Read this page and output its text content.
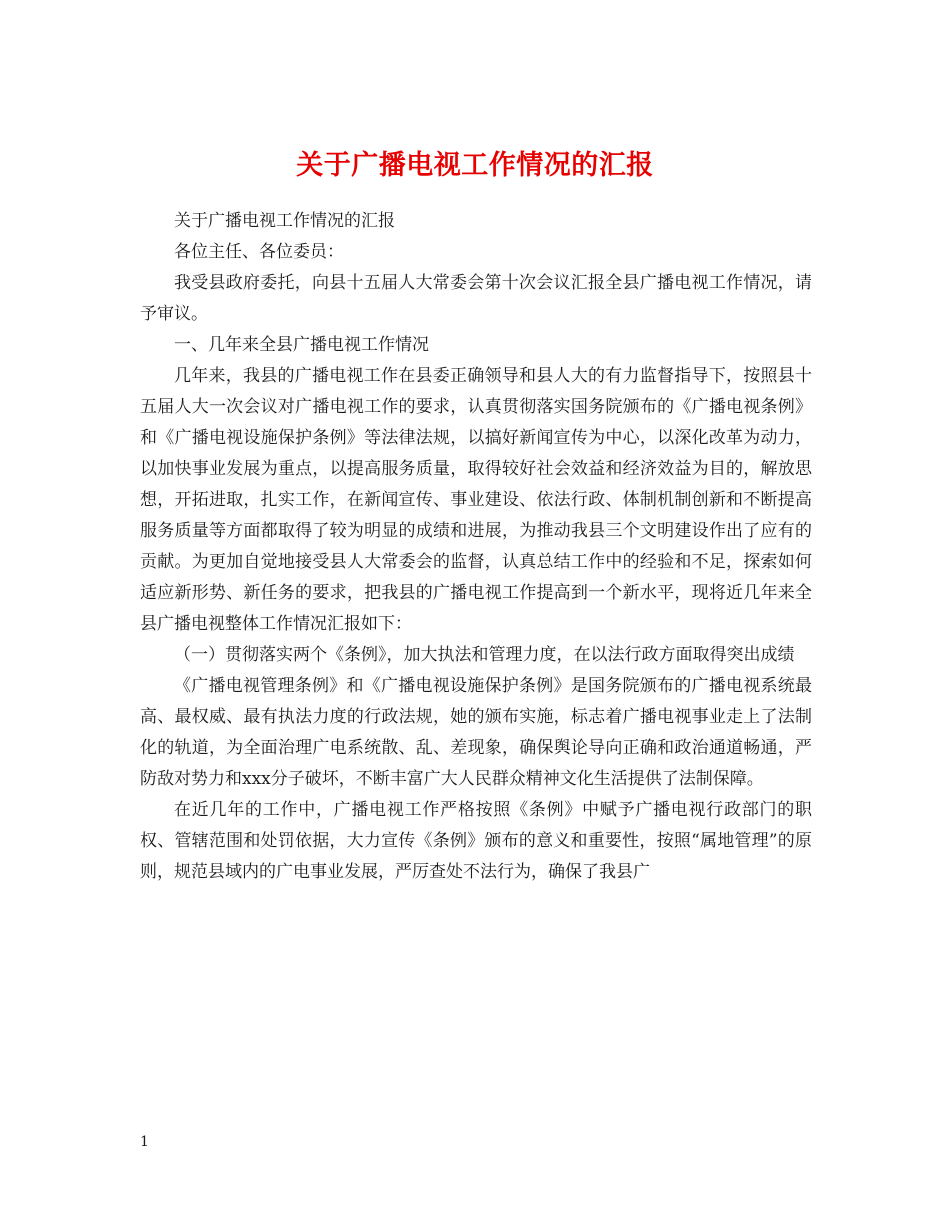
关于广播电视工作情况的汇报

关于广播电视工作情况的汇报

各位主任、各位委员：

我受县政府委托，向县十五届人大常委会第十次会议汇报全县广播电视工作情况，请予审议。

一、几年来全县广播电视工作情况

几年来，我县的广播电视工作在县委正确领导和县人大的有力监督指导下，按照县十五届人大一次会议对广播电视工作的要求，认真贯彻落实国务院颁布的《广播电视条例》和《广播电视设施保护条例》等法律法规，以搞好新闻宣传为中心，以深化改革为动力，以加快事业发展为重点，以提高服务质量，取得较好社会效益和经济效益为目的，解放思想，开拓进取，扎实工作，在新闻宣传、事业建设、依法行政、体制机制创新和不断提高服务质量等方面都取得了较为明显的成绩和进展，为推动我县三个文明建设作出了应有的贡献。为更加自觉地接受县人大常委会的监督，认真总结工作中的经验和不足，探索如何适应新形势、新任务的要求，把我县的广播电视工作提高到一个新水平，现将近几年来全县广播电视整体工作情况汇报如下：

（一）贯彻落实两个《条例》，加大执法和管理力度，在以法行政方面取得突出成绩

《广播电视管理条例》和《广播电视设施保护条例》是国务院颁布的广播电视系统最高、最权威、最有执法力度的行政法规，她的颁布实施，标志着广播电视事业走上了法制化的轨道，为全面治理广电系统散、乱、差现象，确保舆论导向正确和政治通道畅通，严防敌对势力和xxx分子破坏，不断丰富广大人民群众精神文化生活提供了法制保障。

在近几年的工作中，广播电视工作严格按照《条例》中赋予广播电视行政部门的职权、管辖范围和处罚依据，大力宣传《条例》颁布的意义和重要性，按照“属地管理”的原则，规范县域内的广电事业发展，严厉查处不法行为，确保了我县广

1
